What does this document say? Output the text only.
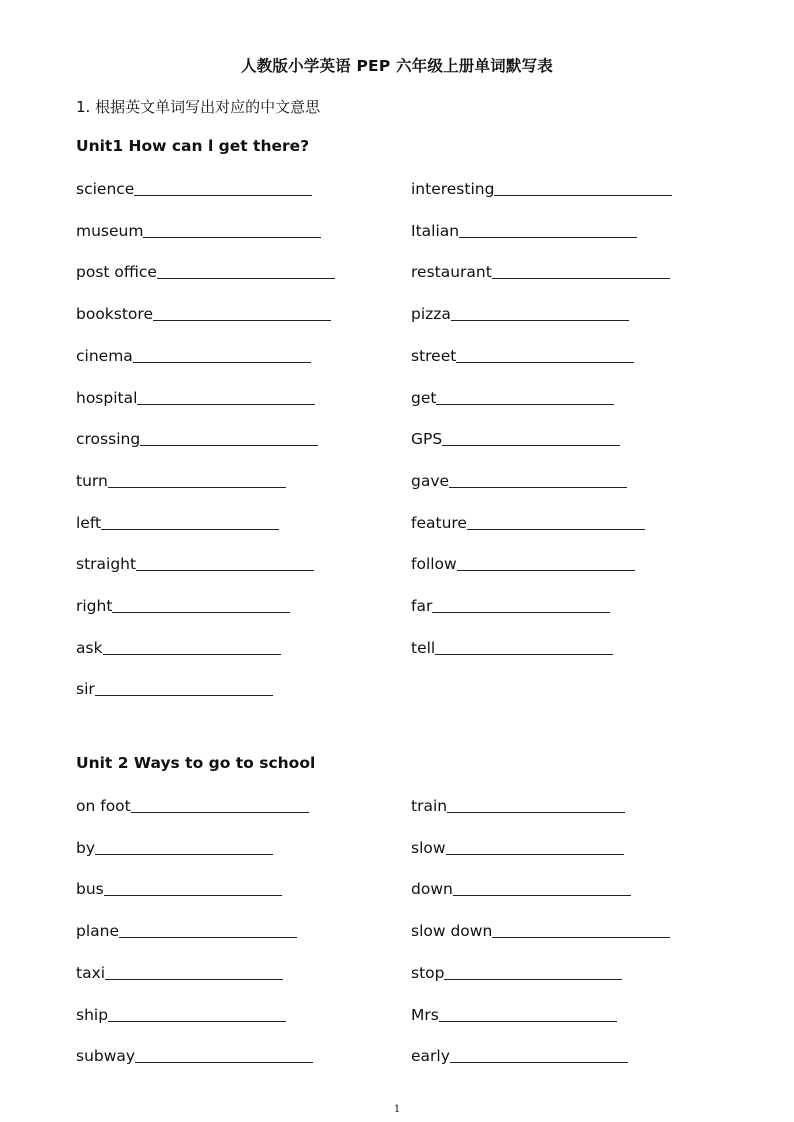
人教版小学英语 PEP 六年级上册单词默写表
1. 根据英文单词写出对应的中文意思
Unit1 How can l get there?
science
museum
post office
bookstore
cinema
hospital
crossing
turn
left
straight
right
ask
sir
interesting
Italian
restaurant
pizza
street
get
GPS
gave
feature
follow
far
tell
Unit 2 Ways to go to school
on foot
by
bus
plane
taxi
ship
subway
train
slow
down
slow down
stop
Mrs
early
1
